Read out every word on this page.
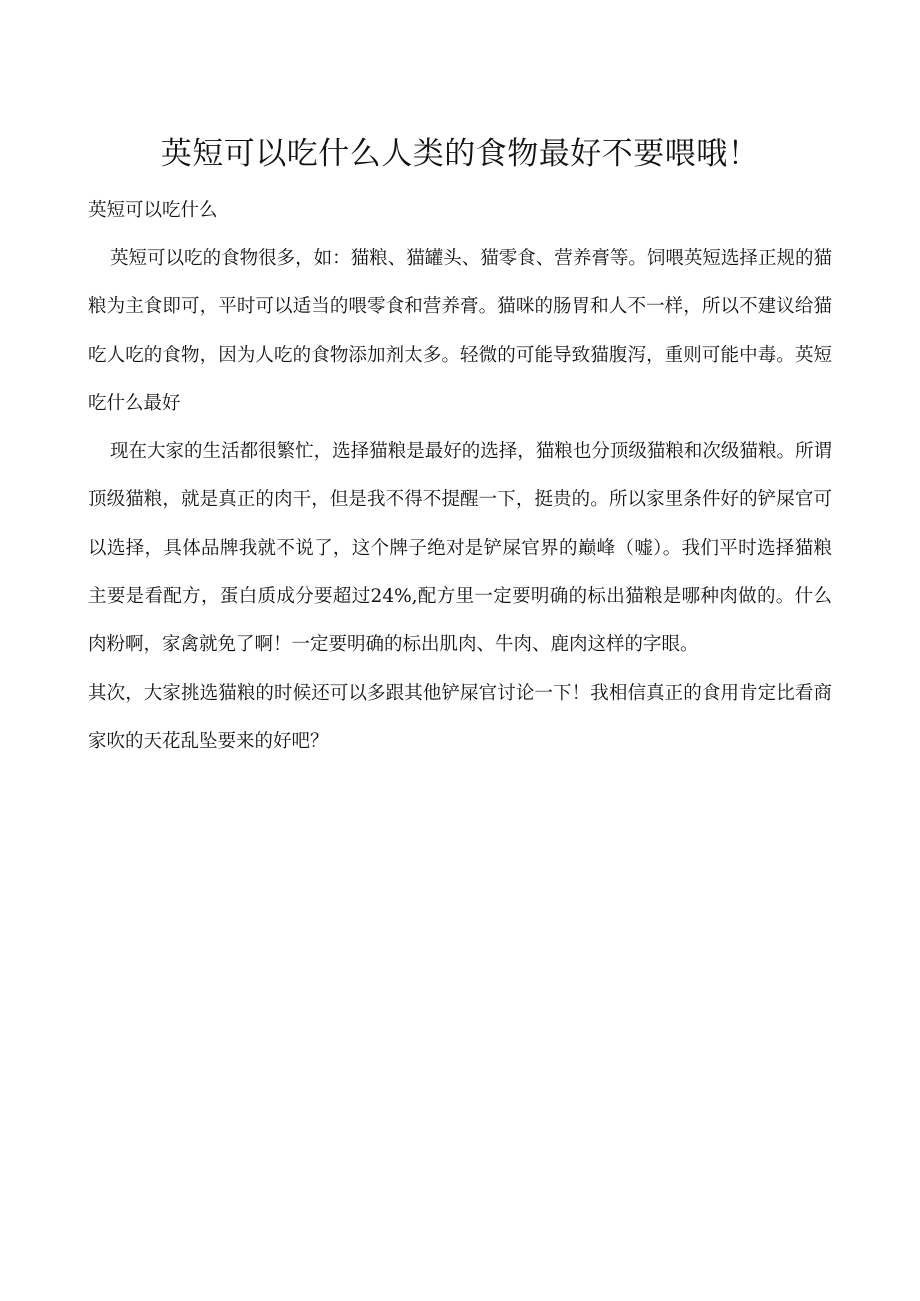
英短可以吃什么人类的食物最好不要喂哦！

英短可以吃什么

英短可以吃的食物很多，如：猫粮、猫罐头、猫零食、营养膏等。饲喂英短选择正规的猫粮为主食即可，平时可以适当的喂零食和营养膏。猫咪的肠胃和人不一样，所以不建议给猫吃人吃的食物，因为人吃的食物添加剂太多。轻微的可能导致猫腹泻，重则可能中毒。英短吃什么最好

现在大家的生活都很繁忙，选择猫粮是最好的选择，猫粮也分顶级猫粮和次级猫粮。所谓顶级猫粮，就是真正的肉干，但是我不得不提醒一下，挺贵的。所以家里条件好的铲屎官可以选择，具体品牌我就不说了，这个牌子绝对是铲屎官界的巅峰（嘘）。我们平时选择猫粮主要是看配方，蛋白质成分要超过24%,配方里一定要明确的标出猫粮是哪种肉做的。什么肉粉啊，家禽就免了啊！一定要明确的标出肌肉、牛肉、鹿肉这样的字眼。

其次，大家挑选猫粮的时候还可以多跟其他铲屎官讨论一下！我相信真正的食用肯定比看商家吹的天花乱坠要来的好吧？
